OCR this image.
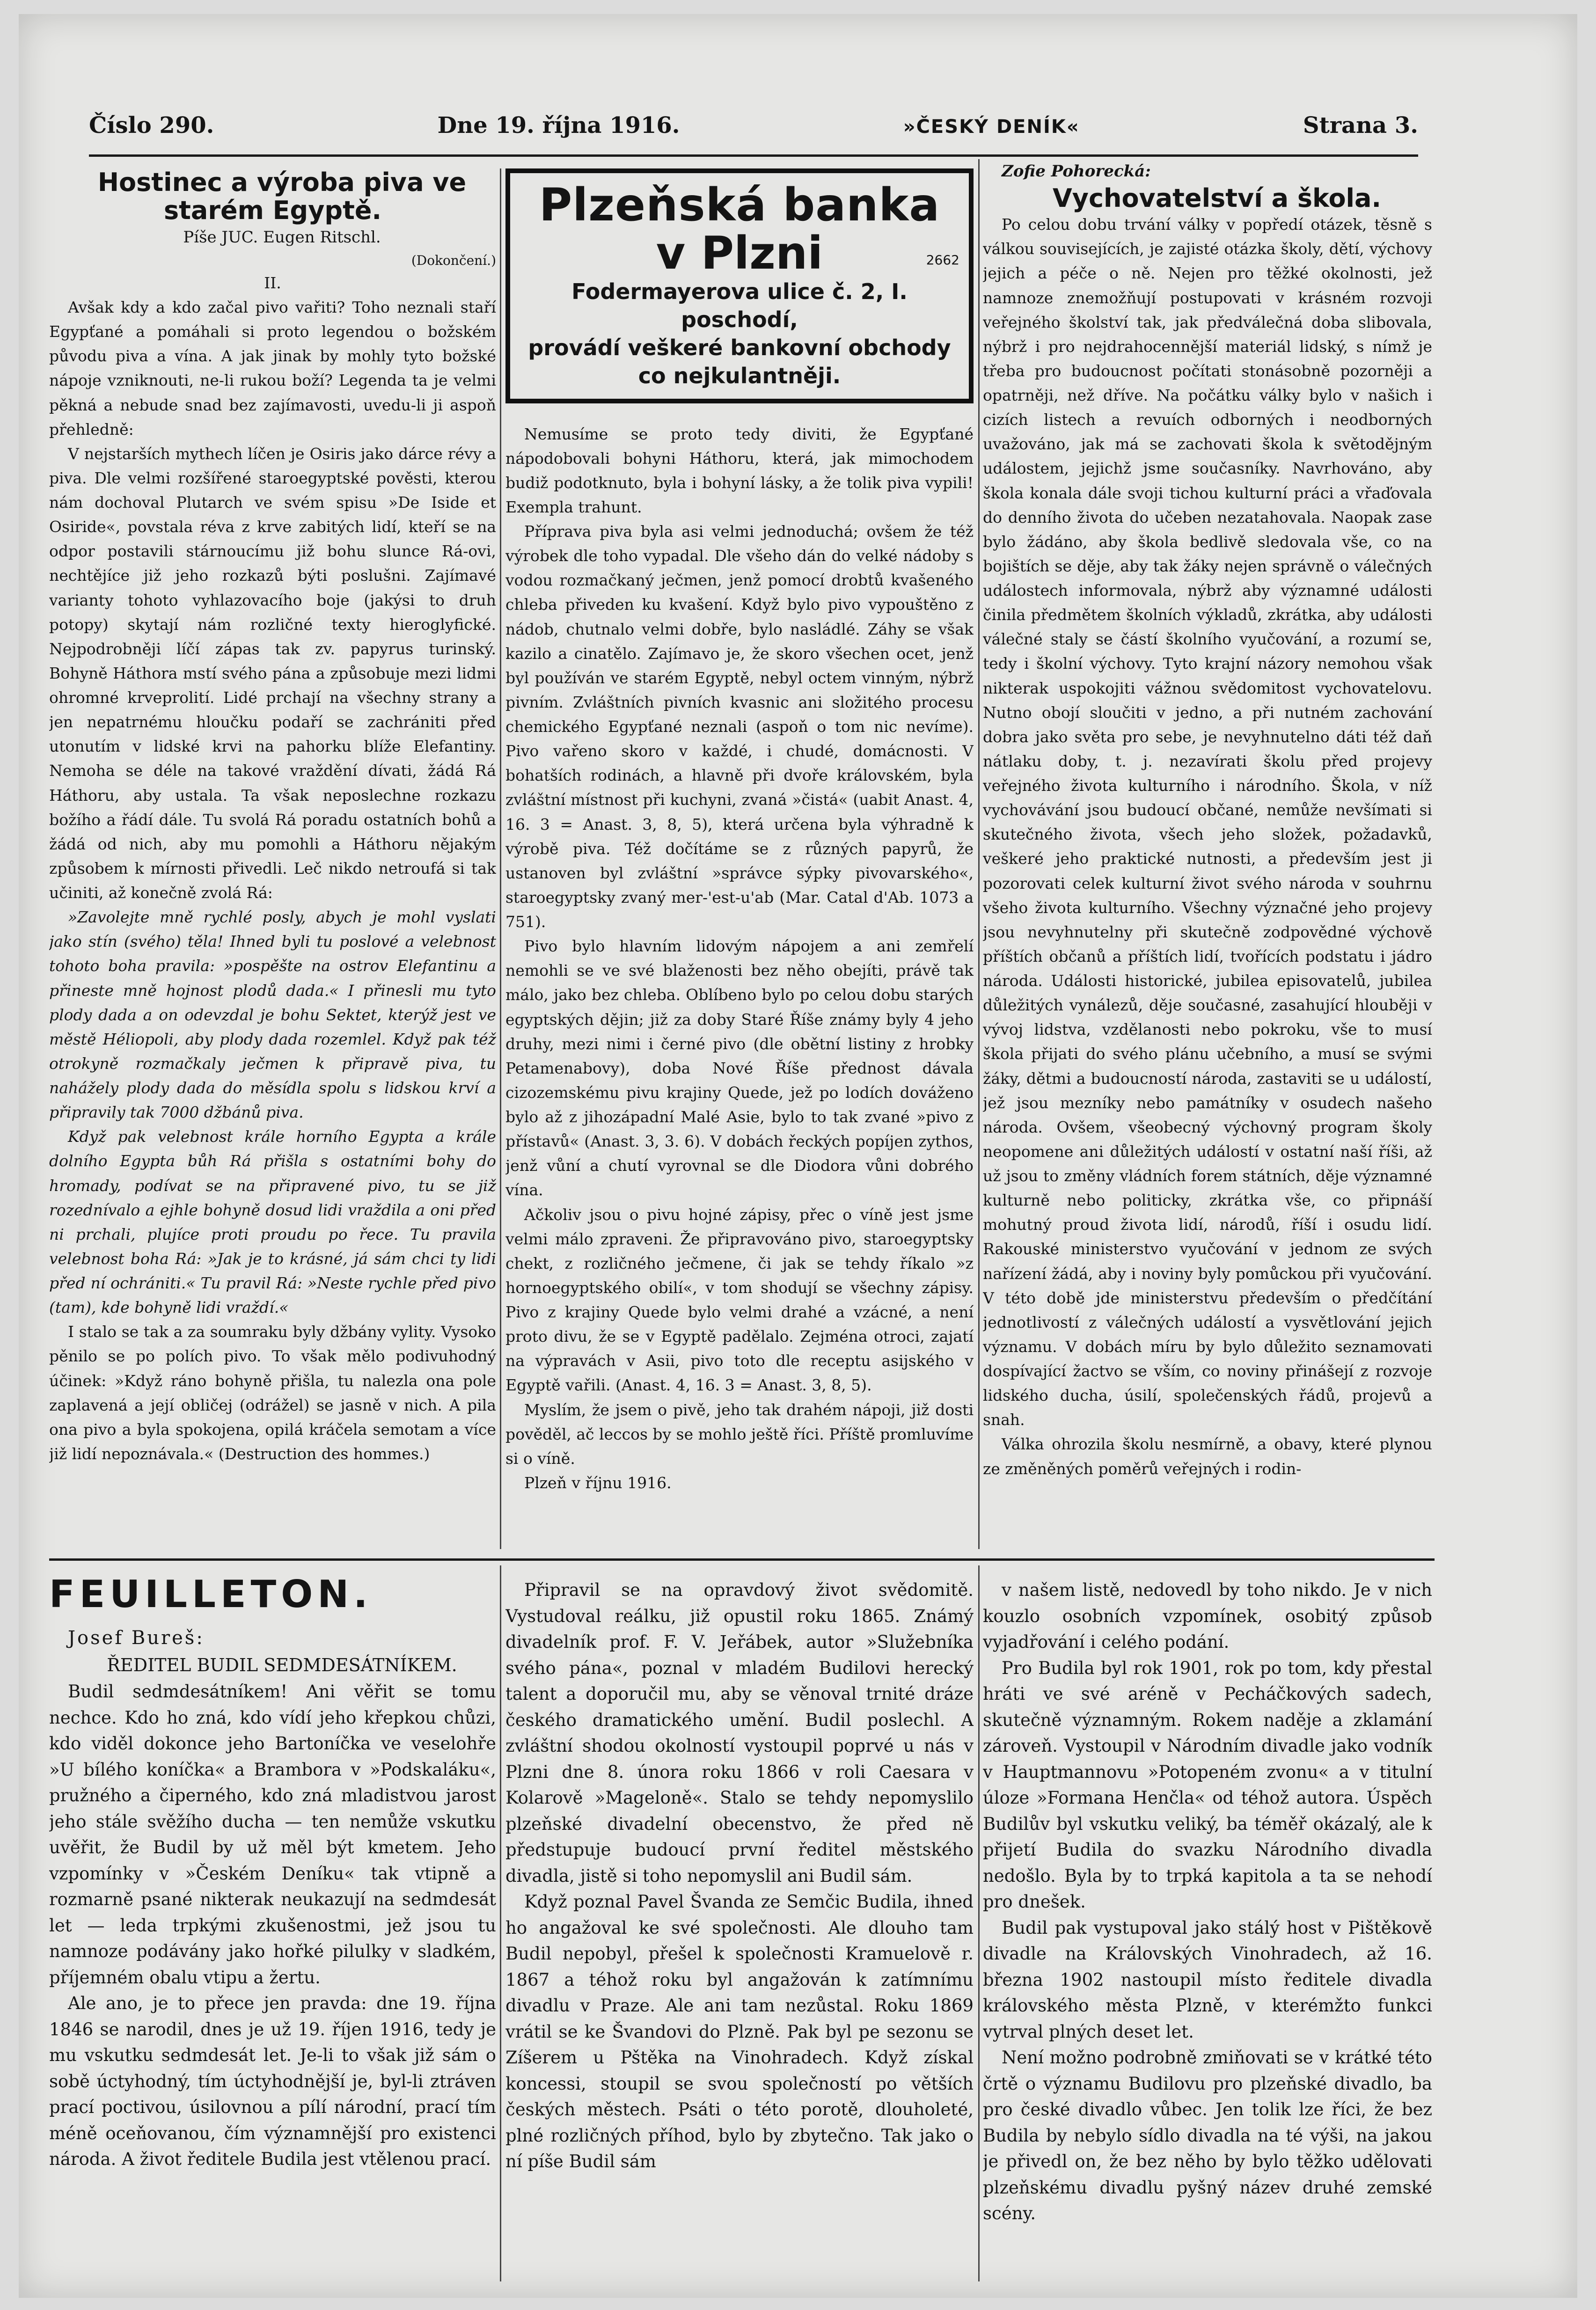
Číslo 290.	Dne 19. října 1916.	»ČESKÝ DENÍK«	Strana 3.

Hostinec a výroba piva ve starém Egyptě.

Píše JUC. Eugen Ritschl.

(Dokončení.)

II.

Avšak kdy a kdo začal pivo vařiti? Toho neznali staří Egypťané a pomáhali si proto legendou o božském původu piva a vína. A jak jinak by mohly tyto božské nápoje vzniknouti, ne-li rukou boží? Legenda ta je velmi pěkná a nebude snad bez zajímavosti, uvedu-li ji aspoň přehledně:

V nejstarších mythech líčen je Osiris jako dárce révy a piva. Dle velmi rozšířené staroegyptské pověsti, kterou nám dochoval Plutarch ve svém spisu »De Iside et Osiride«, povstala réva z krve zabitých lidí, kteří se na odpor postavili stárnoucímu již bohu slunce Rá-ovi, nechtějíce již jeho rozkazů býti poslušni. Zajímavé varianty tohoto vyhlazovacího boje (jakýsi to druh potopy) skytají nám rozličné texty hieroglyfické. Nejpodrobněji líčí zápas tak zv. papyrus turinský. Bohyně Háthora mstí svého pána a způsobuje mezi lidmi ohromné krveprolití. Lidé prchají na všechny strany a jen nepatrnému hloučku podaří se zachrániti před utonutím v lidské krvi na pahorku blíže Elefantiny. Nemoha se déle na takové vraždění dívati, žádá Rá Háthoru, aby ustala. Ta však neposlechne rozkazu božího a řádí dále. Tu svolá Rá poradu ostatních bohů a žádá od nich, aby mu pomohli a Háthoru nějakým způsobem k mírnosti přivedli. Leč nikdo netroufá si tak učiniti, až konečně zvolá Rá:

»Zavolejte mně rychlé posly, abych je mohl vyslati jako stín (svého) těla! Ihned byli tu poslové a velebnost tohoto boha pravila: »pospěšte na ostrov Elefantinu a přineste mně hojnost plodů dada.« I přinesli mu tyto plody dada a on odevzdal je bohu Sektet, kterýž jest ve městě Héliopoli, aby plody dada rozemlel. Když pak též otrokyně rozmačkaly ječmen k připravě piva, tu nahážely plody dada do měsídla spolu s lidskou krví a připravily tak 7000 džbánů piva.

Když pak velebnost krále horního Egypta a krále dolního Egypta bůh Rá přišla s ostatními bohy do hromady, podívat se na připravené pivo, tu se již rozednívalo a ejhle bohyně dosud lidi vraždila a oni před ni prchali, plujíce proti proudu po řece. Tu pravila velebnost boha Rá: »Jak je to krásné, já sám chci ty lidi před ní ochrániti.« Tu pravil Rá: »Neste rychle před pivo (tam), kde bohyně lidi vraždí.«

I stalo se tak a za soumraku byly džbány vylity. Vysoko pěnilo se po polích pivo. To však mělo podivuhodný účinek: »Když ráno bohyně přišla, tu nalezla ona pole zaplavená a její obličej (odrážel) se jasně v nich. A pila ona pivo a byla spokojena, opilá kráčela semotam a více již lidí nepoznávala.« (Destruction des hommes.)

Plzeňská banka
v Plzni	2662
Fodermayerova ulice č. 2, I. poschodí,
provádí veškeré bankovní obchody co nejkulantněji.

Nemusíme se proto tedy diviti, že Egypťané nápodobovali bohyni Háthoru, která, jak mimochodem budiž podotknuto, byla i bohyní lásky, a že tolik piva vypili! Exempla trahunt.

Příprava piva byla asi velmi jednoduchá; ovšem že též výrobek dle toho vypadal. Dle všeho dán do velké nádoby s vodou rozmačkaný ječmen, jenž pomocí drobtů kvašeného chleba přiveden ku kvašení. Když bylo pivo vypouštěno z nádob, chutnalo velmi dobře, bylo nasládlé. Záhy se však kazilo a cinatělo. Zajímavo je, že skoro všechen ocet, jenž byl používán ve starém Egyptě, nebyl octem vinným, nýbrž pivním. Zvláštních pivních kvasnic ani složitého procesu chemického Egypťané neznali (aspoň o tom nic nevíme). Pivo vařeno skoro v každé, i chudé, domácnosti. V bohatších rodinách, a hlavně při dvoře královském, byla zvláštní místnost při kuchyni, zvaná »čistá« (uabit Anast. 4, 16. 3 = Anast. 3, 8, 5), která určena byla výhradně k výrobě piva. Též dočítáme se z různých papyrů, že ustanoven byl zvláštní »správce sýpky pivovarského«, staroegyptsky zvaný mer-'est-u'ab (Mar. Catal d'Ab. 1073 a 751).

Pivo bylo hlavním lidovým nápojem a ani zemřelí nemohli se ve své blaženosti bez něho obejíti, právě tak málo, jako bez chleba. Oblíbeno bylo po celou dobu starých egyptských dějin; již za doby Staré Říše známy byly 4 jeho druhy, mezi nimi i černé pivo (dle obětní listiny z hrobky Petamenabovy), doba Nové Říše přednost dávala cizozemskému pivu krajiny Quede, jež po lodích dováženo bylo až z jihozápadní Malé Asie, bylo to tak zvané »pivo z přístavů« (Anast. 3, 3. 6). V dobách řeckých popíjen zythos, jenž vůní a chutí vyrovnal se dle Diodora vůni dobrého vína.

Ačkoliv jsou o pivu hojné zápisy, přec o víně jest jsme velmi málo zpraveni. Že připravováno pivo, staroegyptsky chekt, z rozličného ječmene, či jak se tehdy říkalo »z hornoegyptského obilí«, v tom shodují se všechny zápisy. Pivo z krajiny Quede bylo velmi drahé a vzácné, a není proto divu, že se v Egyptě padělalo. Zejména otroci, zajatí na výpravách v Asii, pivo toto dle receptu asijského v Egyptě vařili. (Anast. 4, 16. 3 = Anast. 3, 8, 5).

Myslím, že jsem o pivě, jeho tak drahém nápoji, již dosti pověděl, ač leccos by se mohlo ještě říci. Příště promluvíme si o víně.

Plzeň v říjnu 1916.

Zofie Pohorecká:

Vychovatelství a škola.

Po celou dobu trvání války v popředí otázek, těsně s válkou souvisejících, je zajisté otázka školy, dětí, výchovy jejich a péče o ně. Nejen pro těžké okolnosti, jež namnoze znemožňují postupovati v krásném rozvoji veřejného školství tak, jak předválečná doba slibovala, nýbrž i pro nejdrahocennější materiál lidský, s nímž je třeba pro budoucnost počítati stonásobně pozorněji a opatrněji, než dříve. Na počátku války bylo v našich i cizích listech a revuích odborných i neodborných uvažováno, jak má se zachovati škola k světodějným událostem, jejichž jsme současníky. Navrhováno, aby škola konala dále svoji tichou kulturní práci a vřaďovala do denního života do učeben nezatahovala. Naopak zase bylo žádáno, aby škola bedlivě sledovala vše, co na bojištích se děje, aby tak žáky nejen správně o válečných událostech informovala, nýbrž aby významné události činila předmětem školních výkladů, zkrátka, aby události válečné staly se částí školního vyučování, a rozumí se, tedy i školní výchovy. Tyto krajní názory nemohou však nikterak uspokojiti vážnou svědomitost vychovatelovu. Nutno obojí sloučiti v jedno, a při nutném zachování dobra jako světa pro sebe, je nevyhnutelno dáti též daň nátlaku doby, t. j. nezavírati školu před projevy veřejného života kulturního i národního. Škola, v níž vychovávání jsou budoucí občané, nemůže nevšímati si skutečného života, všech jeho složek, požadavků, veškeré jeho praktické nutnosti, a především jest ji pozorovati celek kulturní život svého národa v souhrnu všeho života kulturního. Všechny význačné jeho projevy jsou nevyhnutelny při skutečně zodpovědné výchově příštích občanů a příštích lidí, tvořících podstatu i jádro národa. Události historické, jubilea episovatelů, jubilea důležitých vynálezů, děje současné, zasahující hlouběji v vývoj lidstva, vzdělanosti nebo pokroku, vše to musí škola přijati do svého plánu učebního, a musí se svými žáky, dětmi a budoucností národa, zastaviti se u událostí, jež jsou mezníky nebo památníky v osudech našeho národa. Ovšem, všeobecný výchovný program školy neopomene ani důležitých událostí v ostatní naší říši, až už jsou to změny vládních forem státních, děje významné kulturně nebo politicky, zkrátka vše, co připnáší mohutný proud života lidí, národů, říší i osudu lidí. Rakouské ministerstvo vyučování v jednom ze svých nařízení žádá, aby i noviny byly pomůckou při vyučování. V této době jde ministerstvu především o předčítání jednotlivostí z válečných událostí a vysvětlování jejich významu. V dobách míru by bylo důležito seznamovati dospívající žactvo se vším, co noviny přinášejí z rozvoje lidského ducha, úsilí, společenských řádů, projevů a snah.

Válka ohrozila školu nesmírně, a obavy, které plynou ze změněných poměrů veřejných i rodin-

FEUILLETON.

Josef Bureš:

ŘEDITEL BUDIL SEDMDESÁTNÍKEM.

Budil sedmdesátníkem! Ani věřit se tomu nechce. Kdo ho zná, kdo vídí jeho křepkou chůzi, kdo viděl dokonce jeho Bartoníčka ve veselohře »U bílého koníčka« a Brambora v »Podskaláku«, pružného a čiperného, kdo zná mladistvou jarost jeho stále svěžího ducha — ten nemůže vskutku uvěřit, že Budil by už měl být kmetem. Jeho vzpomínky v »Českém Deníku« tak vtipně a rozmarně psané nikterak neukazují na sedmdesát let — leda trpkými zkušenostmi, jež jsou tu namnoze podávány jako hořké pilulky v sladkém, příjemném obalu vtipu a žertu.

Ale ano, je to přece jen pravda: dne 19. října 1846 se narodil, dnes je už 19. říjen 1916, tedy je mu vskutku sedmdesát let. Je-li to však již sám o sobě úctyhodný, tím úctyhodnější je, byl-li ztráven prací poctivou, úsilovnou a pílí národní, prací tím méně oceňovanou, čím významnější pro existenci národa. A život ředitele Budila jest vtělenou prací.

Připravil se na opravdový život svědomitě. Vystudoval reálku, již opustil roku 1865. Známý divadelník prof. F. V. Jeřábek, autor »Služebníka svého pána«, poznal v mladém Budilovi herecký talent a doporučil mu, aby se věnoval trnité dráze českého dramatického umění. Budil poslechl. A zvláštní shodou okolností vystoupil poprvé u nás v Plzni dne 8. února roku 1866 v roli Caesara v Kolarově »Mageloně«. Stalo se tehdy nepomyslilo plzeňské divadelní obecenstvo, že před ně předstupuje budoucí první ředitel městského divadla, jistě si toho nepomyslil ani Budil sám.

Když poznal Pavel Švanda ze Semčic Budila, ihned ho angažoval ke své společnosti. Ale dlouho tam Budil nepobyl, přešel k společnosti Kramuelově r. 1867 a téhož roku byl angažován k zatímnímu divadlu v Praze. Ale ani tam nezůstal. Roku 1869 vrátil se ke Švandovi do Plzně. Pak byl pe sezonu se Zíšerem u Pštěka na Vinohradech. Když získal koncessi, stoupil se svou společností po větších českých městech. Psáti o této porotě, dlouholeté, plné rozličných příhod, bylo by zbytečno. Tak jako o ní píše Budil sám

v našem listě, nedovedl by toho nikdo. Je v nich kouzlo osobních vzpomínek, osobitý způsob vyjadřování i celého podání.

Pro Budila byl rok 1901, rok po tom, kdy přestal hráti ve své aréně v Pecháčkových sadech, skutečně významným. Rokem naděje a zklamání zároveň. Vystoupil v Národním divadle jako vodník v Hauptmannovu »Potopeném zvonu« a v titulní úloze »Formana Henčla« od téhož autora. Úspěch Budilův byl vskutku veliký, ba téměř okázalý, ale k přijetí Budila do svazku Národního divadla nedošlo. Byla by to trpká kapitola a ta se nehodí pro dnešek.

Budil pak vystupoval jako stálý host v Pištěkově divadle na Královských Vinohradech, až 16. března 1902 nastoupil místo ředitele divadla královského města Plzně, v kterémžto funkci vytrval plných deset let.

Není možno podrobně zmiňovati se v krátké této črtě o významu Budilovu pro plzeňské divadlo, ba pro české divadlo vůbec. Jen tolik lze říci, že bez Budila by nebylo sídlo divadla na té výši, na jakou je přivedl on, že bez něho by bylo těžko udělovati plzeňskému divadlu pyšný název druhé zemské scény.
